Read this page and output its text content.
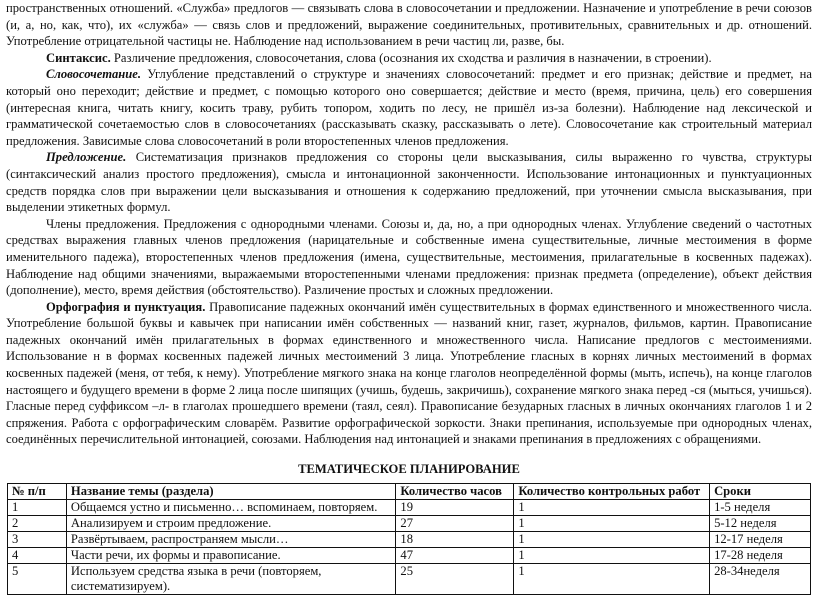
пространственных отношений. «Служба» предлогов — связывать слова в словосочетании и предложении. Назначение и употребление в речи союзов (и, а, но, как, что), их «служба» — связь слов и предложений, выражение соединительных, противительных, сравнительных и др. отношений. Употребление отрицательной частицы не. Наблюдение над использованием в речи частиц ли, разве, бы.

Синтаксис. Различение предложения, словосочетания, слова (осознания их сходства и различия в назначении, в строении).

Словосочетание. Углубление представлений о структуре и значениях словосочетаний: предмет и его признак; действие и предмет, на который оно переходит; действие и предмет, с помощью которого оно совершается; действие и место (время, причина, цель) его совершения (интересная книга, читать книгу, косить траву, рубить топором, ходить по лесу, не пришёл из-за болезни). Наблюдение над лексической и грамматической сочетаемостью слов в словосочетаниях (рассказывать сказку, рассказывать о лете). Словосочетание как строительный материал предложения. Зависимые слова словосочетаний в роли второстепенных членов предложения.

Предложение. Систематизация признаков предложения со стороны цели высказывания, силы выраженно го чувства, структуры (синтаксический анализ простого предложения), смысла и интонационной законченности. Использование интонационных и пунктуационных средств порядка слов при выражении цели высказывания и отношения к содержанию предложений, при уточнении смысла высказывания, при выделении этикетных формул.

Члены предложения. Предложения с однородными членами. Союзы и, да, но, а при однородных членах. Углубление сведений о частотных средствах выражения главных членов предложения (нарицательные и собственные имена существительные, личные местоимения в форме именительного падежа), второстепенных членов предложения (имена, существительные, местоимения, прилагательные в косвенных падежах). Наблюдение над общими значениями, выражаемыми второстепенными членами предложения: признак предмета (определение), объект действия (дополнение), место, время действия (обстоятельство). Различение простых и сложных предложении.

Орфография и пунктуация. Правописание падежных окончаний имён существительных в формах единственного и множественного числа. Употребление большой буквы и кавычек при написании имён собственных — названий книг, газет, журналов, фильмов, картин. Правописание падежных окончаний имён прилагательных в формах единственного и множественного числа. Написание предлогов с местоимениями. Использование н в формах косвенных падежей личных местоимений 3 лица. Употребление гласных в корнях личных местоимений в формах косвенных падежей (меня, от тебя, к нему). Употребление мягкого знака на конце глаголов неопределённой формы (мыть, испечь), на конце глаголов настоящего и будущего времени в форме 2 лица после шипящих (учишь, будешь, закричишь), сохранение мягкого знака перед -ся (мыться, учишься). Гласные перед суффиксом –л- в глаголах прошедшего времени (таял, сеял). Правописание безударных гласных в личных окончаниях глаголов 1 и 2 спряжения. Работа с орфографическим словарём. Развитие орфографической зоркости. Знаки препинания, используемые при однородных членах, соединённых перечислительной интонацией, союзами. Наблюдения над интонацией и знаками препинания в предложениях с обращениями.

ТЕМАТИЧЕСКОЕ ПЛАНИРОВАНИЕ
№ п/п	Название темы (раздела)	Количество часов	Количество контрольных работ	Сроки
1	Общаемся устно и письменно… вспоминаем, повторяем.	19	1	1-5 неделя
2	Анализируем и строим предложение.	27	1	5-12 неделя
3	Развёртываем, распространяем мысли…	18	1	12-17 неделя
4	Части речи, их формы и правописание.	47	1	17-28 неделя
5	Используем средства языка в речи (повторяем, систематизируем).	25	1	28-34неделя
